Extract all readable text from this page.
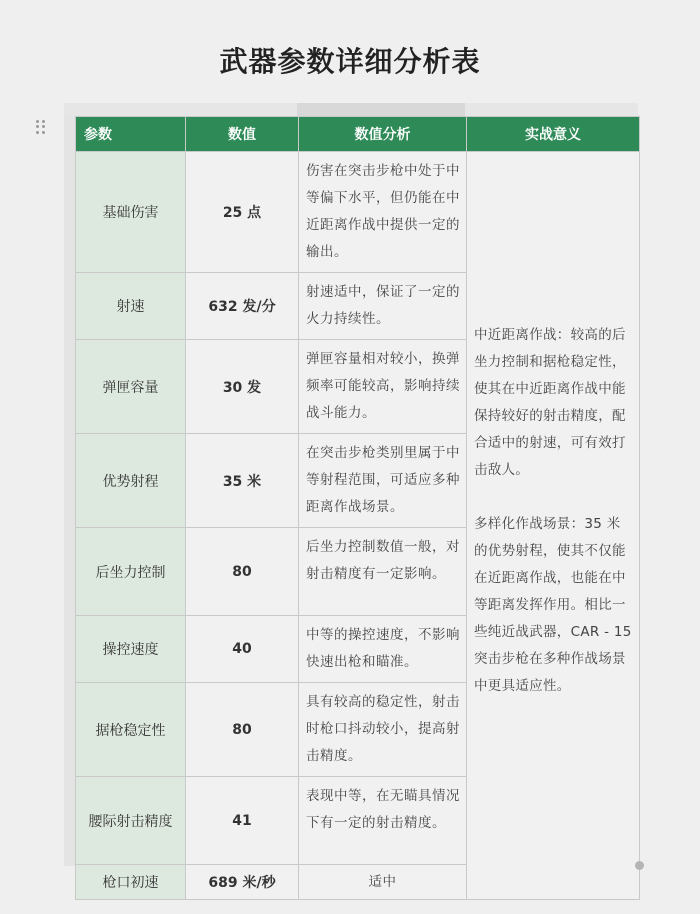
武器参数详细分析表
参数	数值	数值分析	实战意义
基础伤害	25 点	伤害在突击步枪中处于中等偏下水平，但仍能在中近距离作战中提供一定的输出。	中近距离作战：较高的后坐力控制和据枪稳定性，使其在中近距离作战中能保持较好的射击精度，配合适中的射速，可有效打击敌人。

多样化作战场景：35 米的优势射程，使其不仅能在近距离作战，也能在中等距离发挥作用。相比一些纯近战武器，CAR - 15 突击步枪在多种作战场景中更具适应性。

射速	632 发/分	射速适中，保证了一定的火力持续性。	
弹匣容量	30 发	弹匣容量相对较小，换弹频率可能较高，影响持续战斗能力。	
优势射程	35 米	在突击步枪类别里属于中等射程范围，可适应多种距离作战场景。	
后坐力控制	80	后坐力控制数值一般，对射击精度有一定影响。	
操控速度	40	中等的操控速度，不影响快速出枪和瞄准。	
据枪稳定性	80	具有较高的稳定性，射击时枪口抖动较小，提高射击精度。	
腰际射击精度	41	表现中等，在无瞄具情况下有一定的射击精度。	
枪口初速	689 米/秒	适中	
